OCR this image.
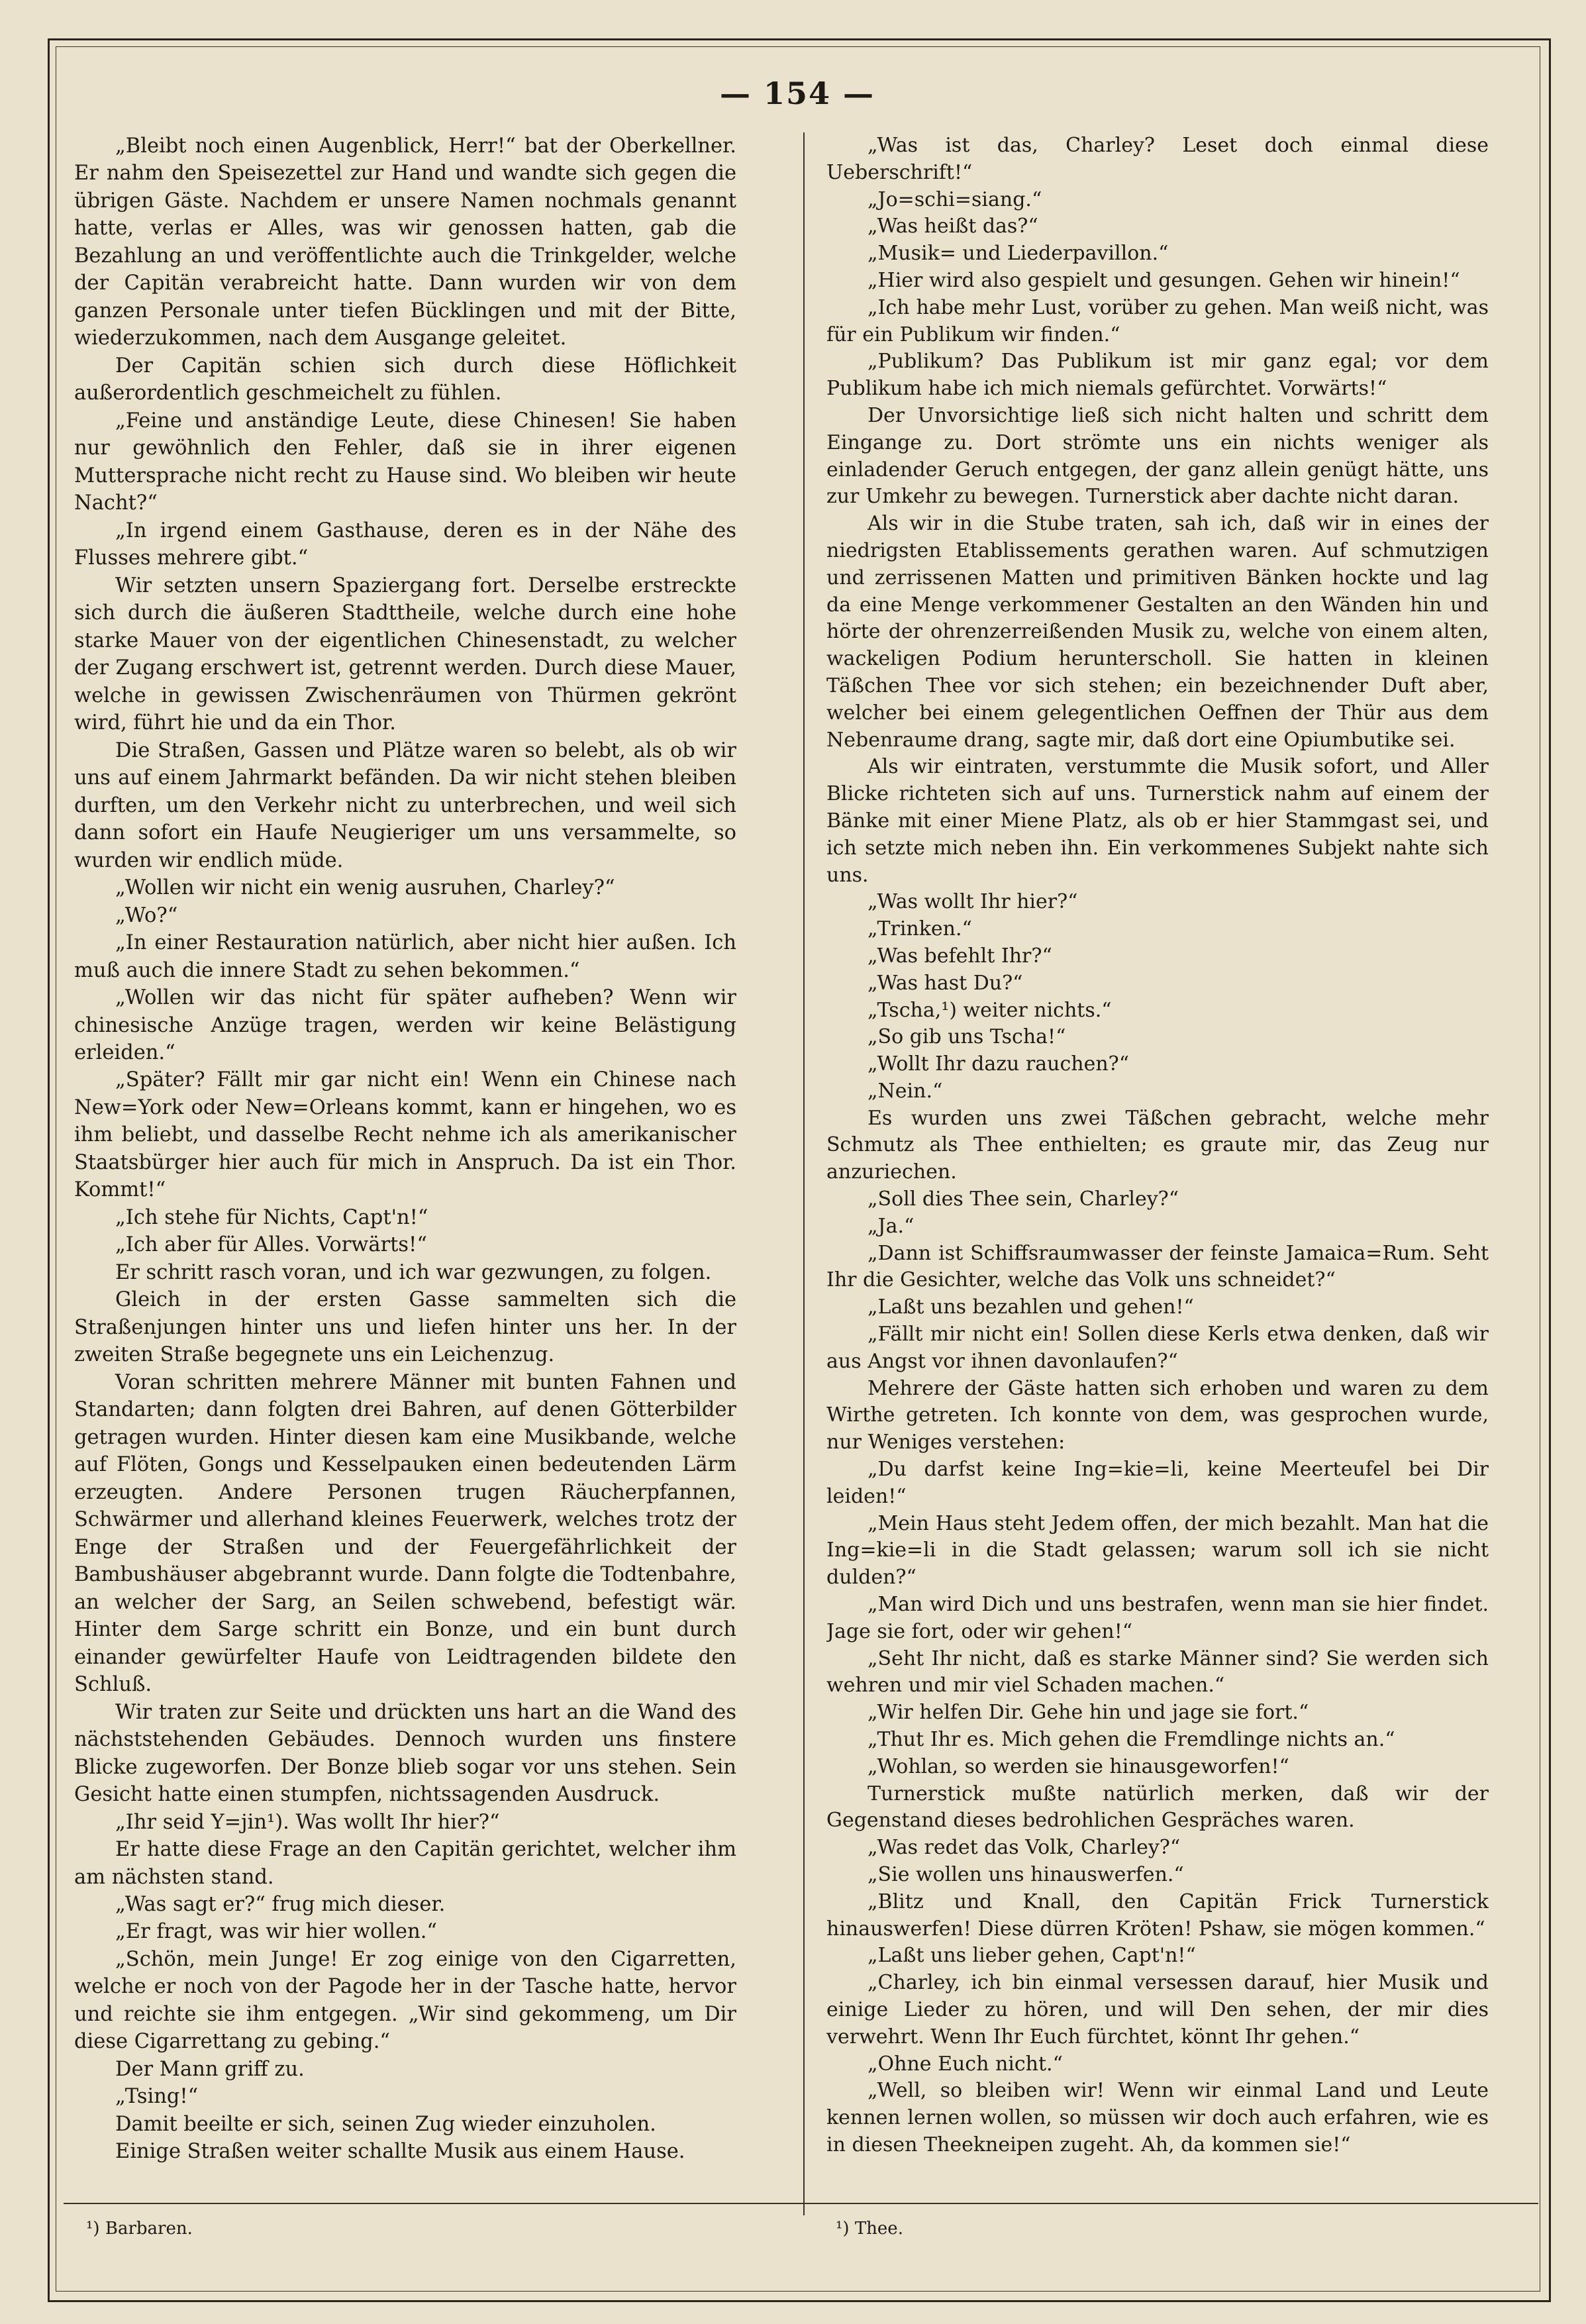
— 154 —

„Bleibt noch einen Augenblick, Herr!“ bat der Oberkellner. Er nahm den Speisezettel zur Hand und wandte sich gegen die übrigen Gäste. Nachdem er unsere Namen nochmals genannt hatte, verlas er Alles, was wir genossen hatten, gab die Bezahlung an und veröffentlichte auch die Trinkgelder, welche der Capitän verabreicht hatte. Dann wurden wir von dem ganzen Personale unter tiefen Bücklingen und mit der Bitte, wiederzukommen, nach dem Ausgange geleitet.

Der Capitän schien sich durch diese Höflichkeit außerordentlich geschmeichelt zu fühlen.

„Feine und anständige Leute, diese Chinesen! Sie haben nur gewöhnlich den Fehler, daß sie in ihrer eigenen Muttersprache nicht recht zu Hause sind. Wo bleiben wir heute Nacht?“

„In irgend einem Gasthause, deren es in der Nähe des Flusses mehrere gibt.“

Wir setzten unsern Spaziergang fort. Derselbe erstreckte sich durch die äußeren Stadttheile, welche durch eine hohe starke Mauer von der eigentlichen Chinesenstadt, zu welcher der Zugang erschwert ist, getrennt werden. Durch diese Mauer, welche in gewissen Zwischenräumen von Thürmen gekrönt wird, führt hie und da ein Thor.

Die Straßen, Gassen und Plätze waren so belebt, als ob wir uns auf einem Jahrmarkt befänden. Da wir nicht stehen bleiben durften, um den Verkehr nicht zu unterbrechen, und weil sich dann sofort ein Haufe Neugieriger um uns versammelte, so wurden wir endlich müde.

„Wollen wir nicht ein wenig ausruhen, Charley?“

„Wo?“

„In einer Restauration natürlich, aber nicht hier außen. Ich muß auch die innere Stadt zu sehen bekommen.“

„Wollen wir das nicht für später aufheben? Wenn wir chinesische Anzüge tragen, werden wir keine Belästigung erleiden.“

„Später? Fällt mir gar nicht ein! Wenn ein Chinese nach New=York oder New=Orleans kommt, kann er hingehen, wo es ihm beliebt, und dasselbe Recht nehme ich als amerikanischer Staatsbürger hier auch für mich in Anspruch. Da ist ein Thor. Kommt!“

„Ich stehe für Nichts, Capt'n!“

„Ich aber für Alles. Vorwärts!“

Er schritt rasch voran, und ich war gezwungen, zu folgen.

Gleich in der ersten Gasse sammelten sich die Straßenjungen hinter uns und liefen hinter uns her. In der zweiten Straße begegnete uns ein Leichenzug.

Voran schritten mehrere Männer mit bunten Fahnen und Standarten; dann folgten drei Bahren, auf denen Götterbilder getragen wurden. Hinter diesen kam eine Musikbande, welche auf Flöten, Gongs und Kesselpauken einen bedeutenden Lärm erzeugten. Andere Personen trugen Räucherpfannen, Schwärmer und allerhand kleines Feuerwerk, welches trotz der Enge der Straßen und der Feuergefährlichkeit der Bambushäuser abgebrannt wurde. Dann folgte die Todtenbahre, an welcher der Sarg, an Seilen schwebend, befestigt wär. Hinter dem Sarge schritt ein Bonze, und ein bunt durch einander gewürfelter Haufe von Leidtragenden bildete den Schluß.

Wir traten zur Seite und drückten uns hart an die Wand des nächststehenden Gebäudes. Dennoch wurden uns finstere Blicke zugeworfen. Der Bonze blieb sogar vor uns stehen. Sein Gesicht hatte einen stumpfen, nichtssagenden Ausdruck.

„Ihr seid Y=jin¹). Was wollt Ihr hier?“

Er hatte diese Frage an den Capitän gerichtet, welcher ihm am nächsten stand.

„Was sagt er?“ frug mich dieser.

„Er fragt, was wir hier wollen.“

„Schön, mein Junge! Er zog einige von den Cigarretten, welche er noch von der Pagode her in der Tasche hatte, hervor und reichte sie ihm entgegen. „Wir sind gekommeng, um Dir diese Cigarrettang zu gebing.“

Der Mann griff zu.

„Tsing!“

Damit beeilte er sich, seinen Zug wieder einzuholen.

Einige Straßen weiter schallte Musik aus einem Hause.

„Was ist das, Charley? Leset doch einmal diese Ueberschrift!“

„Jo=schi=siang.“

„Was heißt das?“

„Musik= und Liederpavillon.“

„Hier wird also gespielt und gesungen. Gehen wir hinein!“

„Ich habe mehr Lust, vorüber zu gehen. Man weiß nicht, was für ein Publikum wir finden.“

„Publikum? Das Publikum ist mir ganz egal; vor dem Publikum habe ich mich niemals gefürchtet. Vorwärts!“

Der Unvorsichtige ließ sich nicht halten und schritt dem Eingange zu. Dort strömte uns ein nichts weniger als einladender Geruch entgegen, der ganz allein genügt hätte, uns zur Umkehr zu bewegen. Turnerstick aber dachte nicht daran.

Als wir in die Stube traten, sah ich, daß wir in eines der niedrigsten Etablissements gerathen waren. Auf schmutzigen und zerrissenen Matten und primitiven Bänken hockte und lag da eine Menge verkommener Gestalten an den Wänden hin und hörte der ohrenzerreißenden Musik zu, welche von einem alten, wackeligen Podium herunterscholl. Sie hatten in kleinen Täßchen Thee vor sich stehen; ein bezeichnender Duft aber, welcher bei einem gelegentlichen Oeffnen der Thür aus dem Nebenraume drang, sagte mir, daß dort eine Opiumbutike sei.

Als wir eintraten, verstummte die Musik sofort, und Aller Blicke richteten sich auf uns. Turnerstick nahm auf einem der Bänke mit einer Miene Platz, als ob er hier Stammgast sei, und ich setzte mich neben ihn. Ein verkommenes Subjekt nahte sich uns.

„Was wollt Ihr hier?“

„Trinken.“

„Was befehlt Ihr?“

„Was hast Du?“

„Tscha,¹) weiter nichts.“

„So gib uns Tscha!“

„Wollt Ihr dazu rauchen?“

„Nein.“

Es wurden uns zwei Täßchen gebracht, welche mehr Schmutz als Thee enthielten; es graute mir, das Zeug nur anzuriechen.

„Soll dies Thee sein, Charley?“

„Ja.“

„Dann ist Schiffsraumwasser der feinste Jamaica=Rum. Seht Ihr die Gesichter, welche das Volk uns schneidet?“

„Laßt uns bezahlen und gehen!“

„Fällt mir nicht ein! Sollen diese Kerls etwa denken, daß wir aus Angst vor ihnen davonlaufen?“

Mehrere der Gäste hatten sich erhoben und waren zu dem Wirthe getreten. Ich konnte von dem, was gesprochen wurde, nur Weniges verstehen:

„Du darfst keine Ing=kie=li, keine Meerteufel bei Dir leiden!“

„Mein Haus steht Jedem offen, der mich bezahlt. Man hat die Ing=kie=li in die Stadt gelassen; warum soll ich sie nicht dulden?“

„Man wird Dich und uns bestrafen, wenn man sie hier findet. Jage sie fort, oder wir gehen!“

„Seht Ihr nicht, daß es starke Männer sind? Sie werden sich wehren und mir viel Schaden machen.“

„Wir helfen Dir. Gehe hin und jage sie fort.“

„Thut Ihr es. Mich gehen die Fremdlinge nichts an.“

„Wohlan, so werden sie hinausgeworfen!“

Turnerstick mußte natürlich merken, daß wir der Gegenstand dieses bedrohlichen Gespräches waren.

„Was redet das Volk, Charley?“

„Sie wollen uns hinauswerfen.“

„Blitz und Knall, den Capitän Frick Turnerstick hinauswerfen! Diese dürren Kröten! Pshaw, sie mögen kommen.“

„Laßt uns lieber gehen, Capt'n!“

„Charley, ich bin einmal versessen darauf, hier Musik und einige Lieder zu hören, und will Den sehen, der mir dies verwehrt. Wenn Ihr Euch fürchtet, könnt Ihr gehen.“

„Ohne Euch nicht.“

„Well, so bleiben wir! Wenn wir einmal Land und Leute kennen lernen wollen, so müssen wir doch auch erfahren, wie es in diesen Theekneipen zugeht. Ah, da kommen sie!“

¹) Barbaren.	¹) Thee.
